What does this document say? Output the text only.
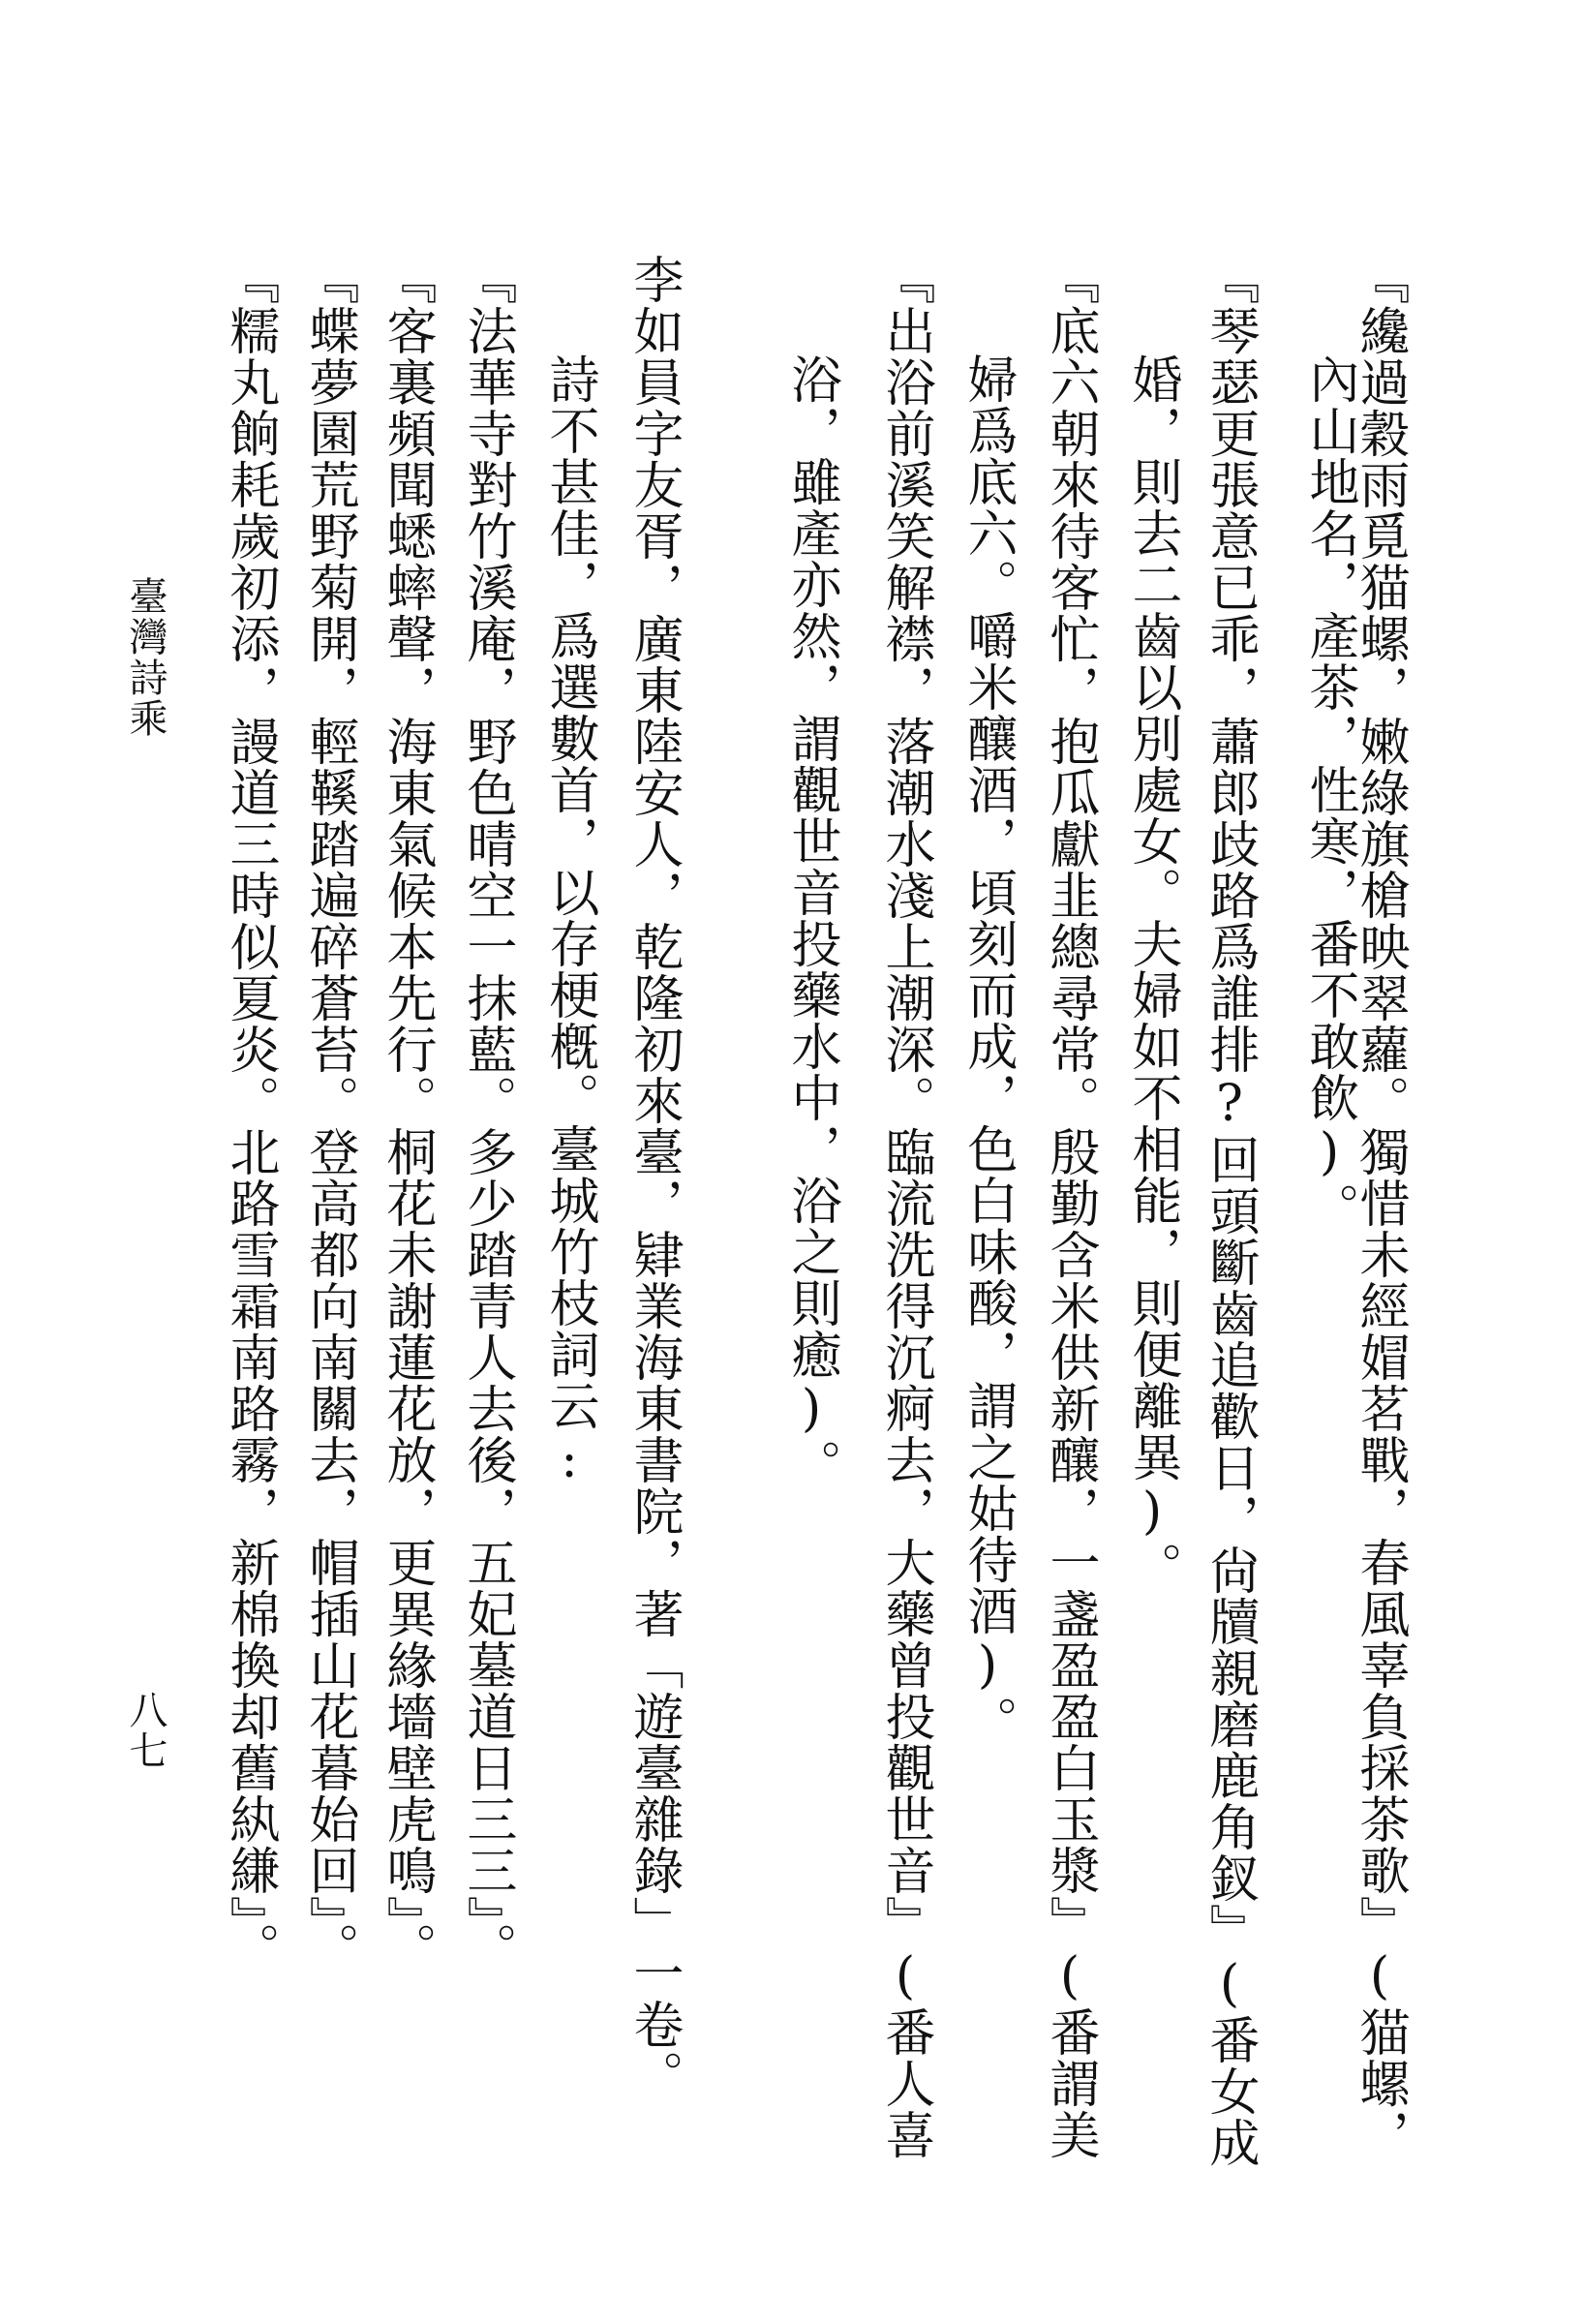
『纔過穀雨覓猫螺，嫩綠旗槍映翠蘿。獨惜未經媢茗戰，春風辜負採茶歌』(猫螺，
內山地名，產茶，性寒，番不敢飲)。
『琴瑟更張意已乖，蕭郎歧路爲誰排?回頭斷齒追歡日，尙牘親磨鹿角釵』(番女成
婚，則去二齒以別處女。夫婦如不相能，則便離異)。
『底六朝來待客忙，抱瓜獻韭總尋常。殷勤含米供新釀，一盞盈盈白玉漿』(番謂美
婦爲底六。嚼米釀酒，頃刻而成，色白味酸，謂之姑待酒)。
『出浴前溪笑解襟，落潮水淺上潮深。臨流洗得沉痾去，大藥曾投觀世音』(番人喜
浴，雖產亦然，謂觀世音投藥水中，浴之則癒)。
李如員字友胥，廣東陸安人，乾隆初來臺，肄業海東書院，著「遊臺雜錄」一卷。
詩不甚佳，爲選數首，以存梗槪。臺城竹枝詞云:
『法華寺對竹溪庵，野色晴空一抹藍。多少踏青人去後，五妃墓道日三三』。
『客裏頻聞蟋蟀聲，海東氣候本先行。桐花未謝蓮花放，更異緣墻壁虎鳴』。
『蝶夢園荒野菊開，輕鞵踏遍碎蒼苔。登高都向南關去，帽插山花暮始回』。
『糯丸餉耗歲初添，謾道三時似夏炎。北路雪霜南路霧，新棉換却舊紈縑』。
臺灣詩乘
八七
